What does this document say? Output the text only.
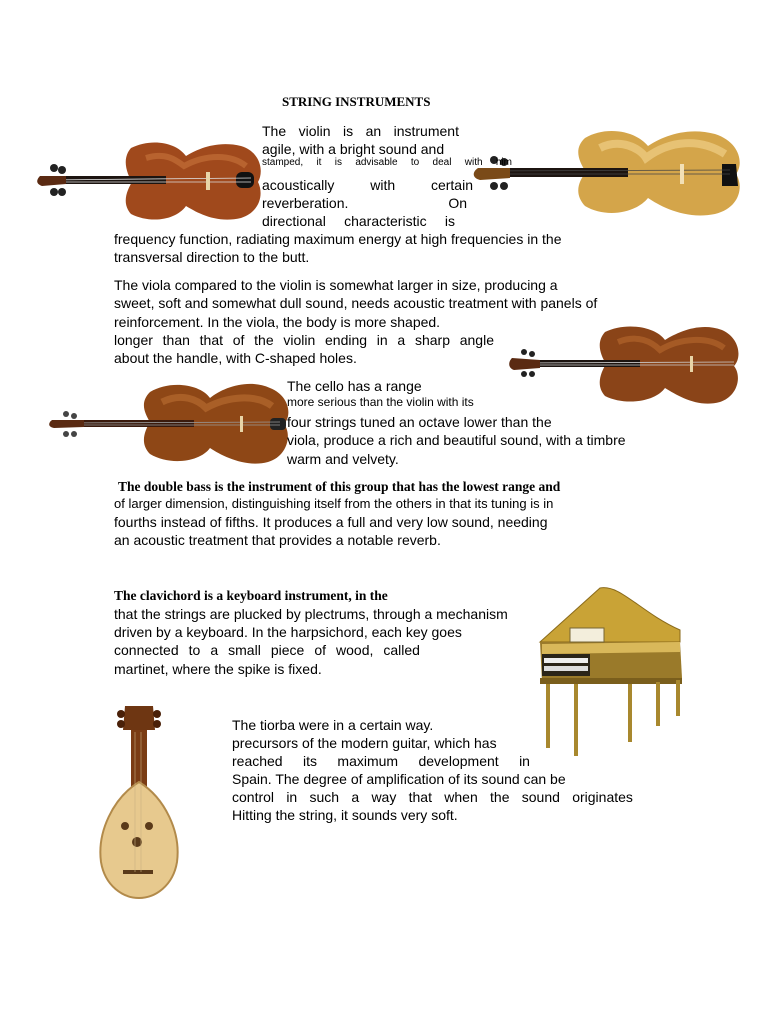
STRING INSTRUMENTS
The violin is an instrument
agile, with a bright sound and
stamped, it is advisable to deal with him
acoustically	with	certain
reverberation.	On
directional characteristic is
frequency function, radiating maximum energy at high frequencies in the
transversal direction to the butt.
The viola compared to the violin is somewhat larger in size, producing a
sweet, soft and somewhat dull sound, needs acoustic treatment with panels of
reinforcement. In the viola, the body is more shaped.
longer than that of the violin ending in a sharp angle
about the handle, with C-shaped holes.
The cello has a range
more serious than the violin with its
four strings tuned an octave lower than the
viola, produce a rich and beautiful sound, with a timbre
warm and velvety.
The double bass is the instrument of this group that has the lowest range and
of larger dimension, distinguishing itself from the others in that its tuning is in
fourths instead of fifths. It produces a full and very low sound, needing
an acoustic treatment that provides a notable reverb.
The clavichord is a keyboard instrument, in the
that the strings are plucked by plectrums, through a mechanism
driven by a keyboard. In the harpsichord, each key goes
connected to a small piece of wood, called
martinet, where the spike is fixed.
The tiorba were in a certain way.
precursors of the modern guitar, which has
reached its maximum development in
Spain. The degree of amplification of its sound can be
control in such a way that when the sound originates
Hitting the string, it sounds very soft.
